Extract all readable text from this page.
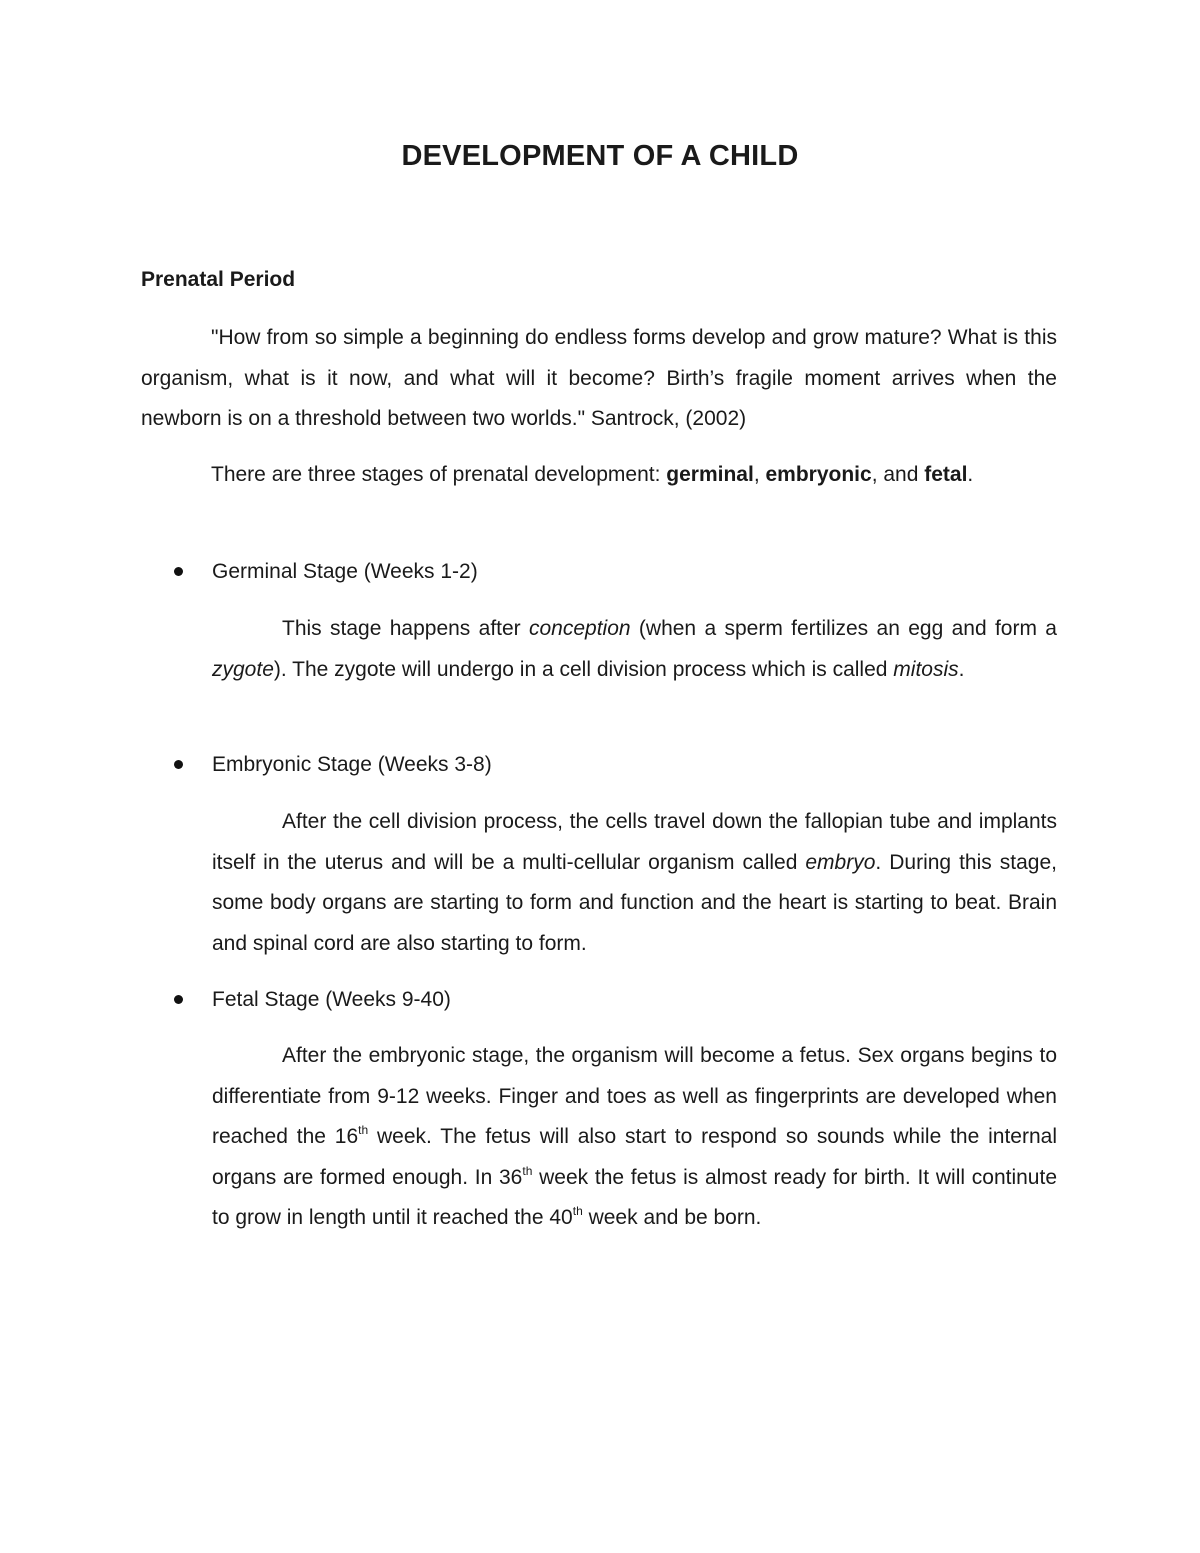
DEVELOPMENT OF A CHILD
Prenatal Period

"How from so simple a beginning do endless forms develop and grow mature? What is this organism, what is it now, and what will it become? Birth’s fragile moment arrives when the newborn is on a threshold between two worlds." Santrock, (2002)

There are three stages of prenatal development: germinal, embryonic, and fetal.

Germinal Stage (Weeks 1-2)

This stage happens after conception (when a sperm fertilizes an egg and form a zygote). The zygote will undergo in a cell division process which is called mitosis.

Embryonic Stage (Weeks 3-8)

After the cell division process, the cells travel down the fallopian tube and implants itself in the uterus and will be a multi-cellular organism called embryo. During this stage, some body organs are starting to form and function and the heart is starting to beat. Brain and spinal cord are also starting to form.

Fetal Stage (Weeks 9-40)

After the embryonic stage, the organism will become a fetus. Sex organs begins to differentiate from 9-12 weeks. Finger and toes as well as fingerprints are developed when reached the 16th week. The fetus will also start to respond so sounds while the internal organs are formed enough. In 36th week the fetus is almost ready for birth. It will continute to grow in length until it reached the 40th week and be born.
